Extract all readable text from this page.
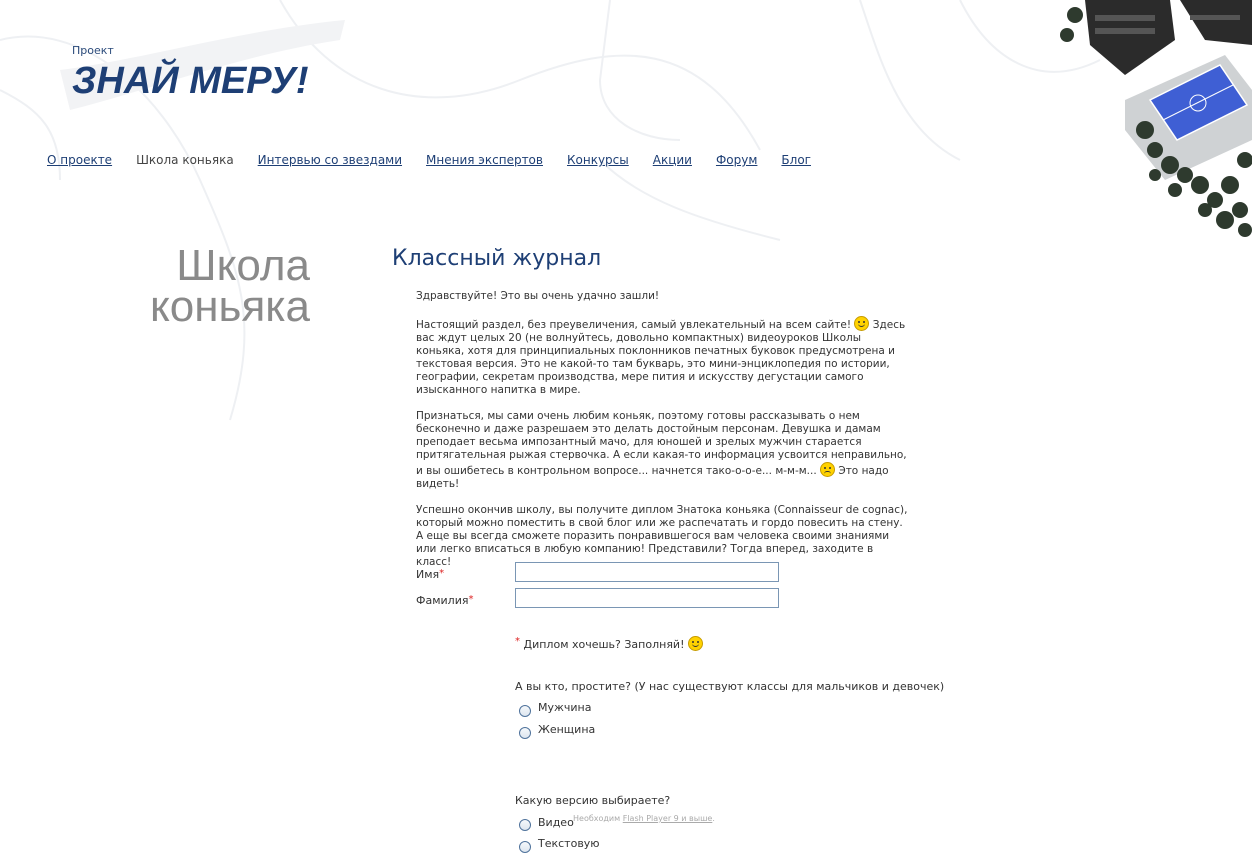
Проект
ЗНАЙ МЕРУ!
О проекте Школа коньяка Интервью со звездами Мнения экспертов Конкурсы Акции Форум Блог
Школа
коньяка
Классный журнал

Здравствуйте! Это вы очень удачно зашли!

Настоящий раздел, без преувеличения, самый увлекательный на всем сайте! Здесь вас ждут целых 20 (не волнуйтесь, довольно компактных) видеоуроков Школы коньяка, хотя для принципиальных поклонников печатных буковок предусмотрена и текстовая версия. Это не какой-то там букварь, это мини-энциклопедия по истории, географии, секретам производства, мере пития и искусству дегустации самого изысканного напитка в мире.

Признаться, мы сами очень любим коньяк, поэтому готовы рассказывать о нем бесконечно и даже разрешаем это делать достойным персонам. Девушка и дамам преподает весьма импозантный мачо, для юношей и зрелых мужчин старается притягательная рыжая стервочка. А если какая-то информация усвоится неправильно, и вы ошибетесь в контрольном вопросе... начнется тако-о-о-е... м-м-м... Это надо видеть!

Успешно окончив школу, вы получите диплом Знатока коньяка (Connaisseur de cognac), который можно поместить в свой блог или же распечатать и гордо повесить на стену. А еще вы всегда сможете поразить понравившегося вам человека своими знаниями или легко вписаться в любую компанию! Представили? Тогда вперед, заходите в класс!

Имя*
Фамилия*
* Диплом хочешь? Заполняй!
А вы кто, простите? (У нас существуют классы для мальчиков и девочек)
Мужчина
Женщина
Какую версию выбираете?
Видео Необходим Flash Player 9 и выше.
Текстовую
